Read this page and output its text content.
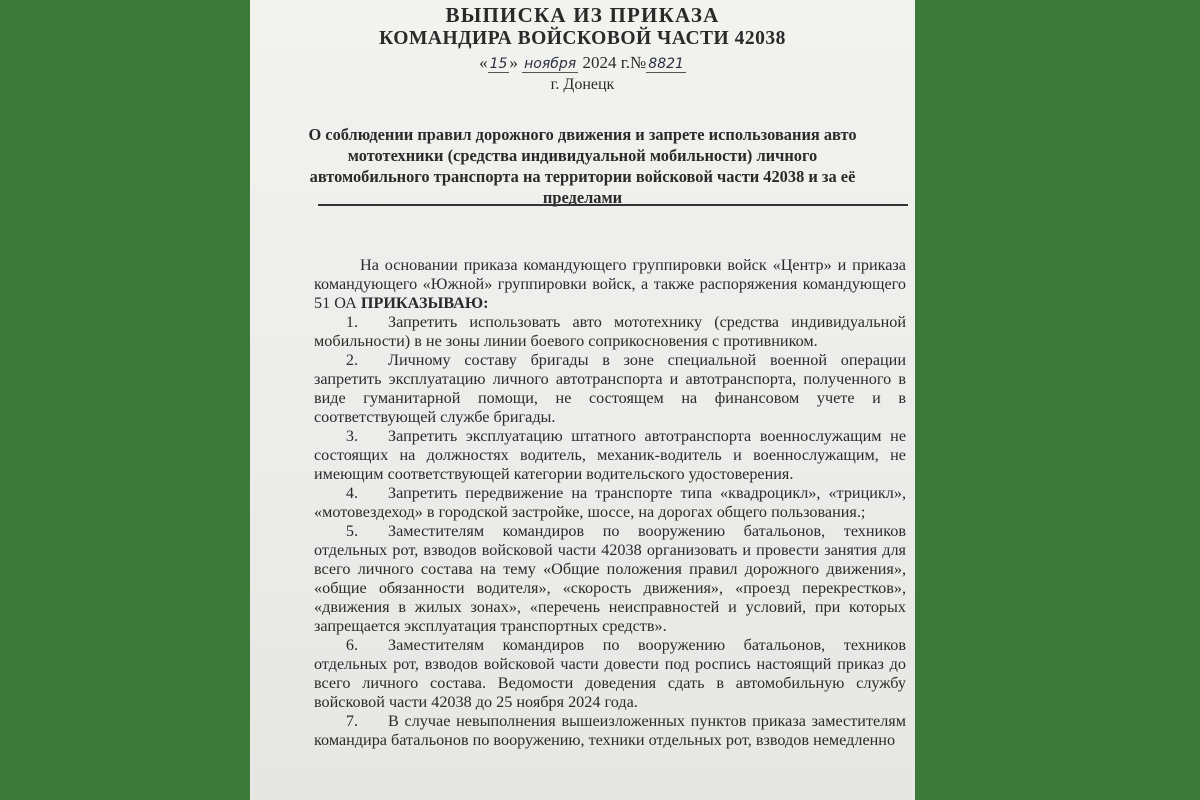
ВЫПИСКА ИЗ ПРИКАЗА
КОМАНДИРА ВОЙСКОВОЙ ЧАСТИ 42038
« 15 » ноября 2024 г.№ 8821
г. Донецк
О соблюдении правил дорожного движения и запрете использования авто мототехники (средства индивидуальной мобильности) личного автомобильного транспорта на территории войсковой части 42038 и за её пределами

На основании приказа командующего группировки войск «Центр» и приказа командующего «Южной» группировки войск, а также распоряжения командующего 51 ОА ПРИКАЗЫВАЮ:

1. Запретить использовать авто мототехнику (средства индивидуальной мобильности) в не зоны линии боевого соприкосновения с противником.

2. Личному составу бригады в зоне специальной военной операции запретить эксплуатацию личного автотранспорта и автотранспорта, полученного в виде гуманитарной помощи, не состоящем на финансовом учете и в соответствующей службе бригады.

3. Запретить эксплуатацию штатного автотранспорта военнослужащим не состоящих на должностях водитель, механик-водитель и военнослужащим, не имеющим соответствующей категории водительского удостоверения.

4. Запретить передвижение на транспорте типа «квадроцикл», «трицикл», «мотовездеход» в городской застройке, шоссе, на дорогах общего пользования.;

5. Заместителям командиров по вооружению батальонов, техников отдельных рот, взводов войсковой части 42038 организовать и провести занятия для всего личного состава на тему «Общие положения правил дорожного движения», «общие обязанности водителя», «скорость движения», «проезд перекрестков», «движения в жилых зонах», «перечень неисправностей и условий, при которых запрещается эксплуатация транспортных средств».

6. Заместителям командиров по вооружению батальонов, техников отдельных рот, взводов войсковой части довести под роспись настоящий приказ до всего личного состава. Ведомости доведения сдать в автомобильную службу войсковой части 42038 до 25 ноября 2024 года.

7. В случае невыполнения вышеизложенных пунктов приказа заместителям командира батальонов по вооружению, техники отдельных рот, взводов немедленно
